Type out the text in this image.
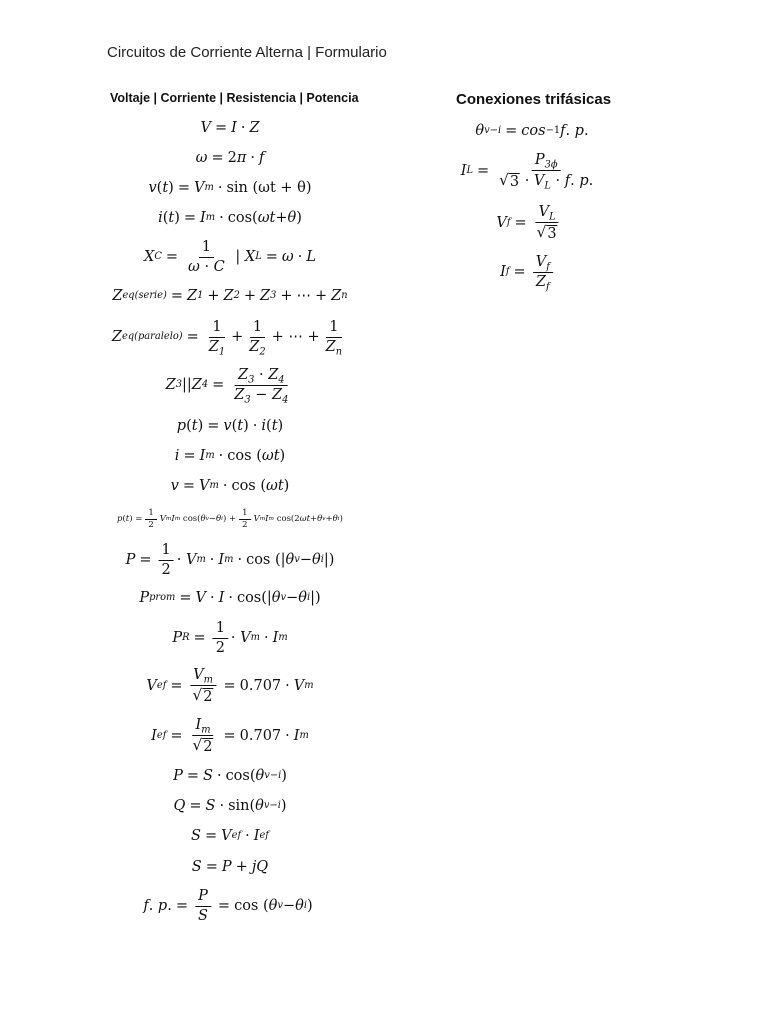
Circuitos de Corriente Alterna | Formulario
Voltaje | Corriente | Resistencia | Potencia	Conexiones trifásicas
V = I · Z
ω = 2 π · f
v ( t ) = V m · sin (ωt + θ)
i ( t ) = I m · cos ( ωt + θ )
X $C = \frac{1}{\omega \cdot C}$ | X L = ω · L
Z eq(serie) = Z 1 + Z 2 + Z 3 + ⋯ + Z n
Z eq(paralelo) = $\frac{1}{Z_1} + \frac{1}{Z_2}$ + ⋯ + $\frac{1}{Z_n}$
Z 3 || Z $4 = \frac{Z_3 \cdot Z_4}{Z_3 - Z_4}$
p ( t ) = v ( t ) · i ( t )
i = I m · cos ( ωt )
v = V m · cos ( ωt )
p ( t ) = $\frac{1}{2}$ V m I m cos( θ v − θ i ) + $\frac{1}{2}$ V m I m cos(2 ωt + θ v + θ i )
$P = \frac{1}{2} \cdot V$ m · I m · cos (| θ v − θ i |)
P prom = V · I · cos (| θ v − θ i |)
P $R = \frac{1}{2} \cdot V$ m · I m
V ef = $\frac{V_m}{√ 2} = 0.707 \cdot V$ m
I ef = $\frac{I_m}{√ 2} = 0.707 \cdot I$ m
P = S · cos ( θ v−i )
Q = S · sin ( θ v−i )
S = V ef · I ef
S = P + jQ
f . p . = $\frac{P}{S} = \cos$ ( θ v − θ i )
θ v−i = cos −1 f . p .
I $L = \frac{P_{3\phi}}{√ 3 \cdot V_L \cdot f. p.}$
V $f = \frac{V_L}{√ 3}$
I $f = \frac{V_f}{Z_f}$
